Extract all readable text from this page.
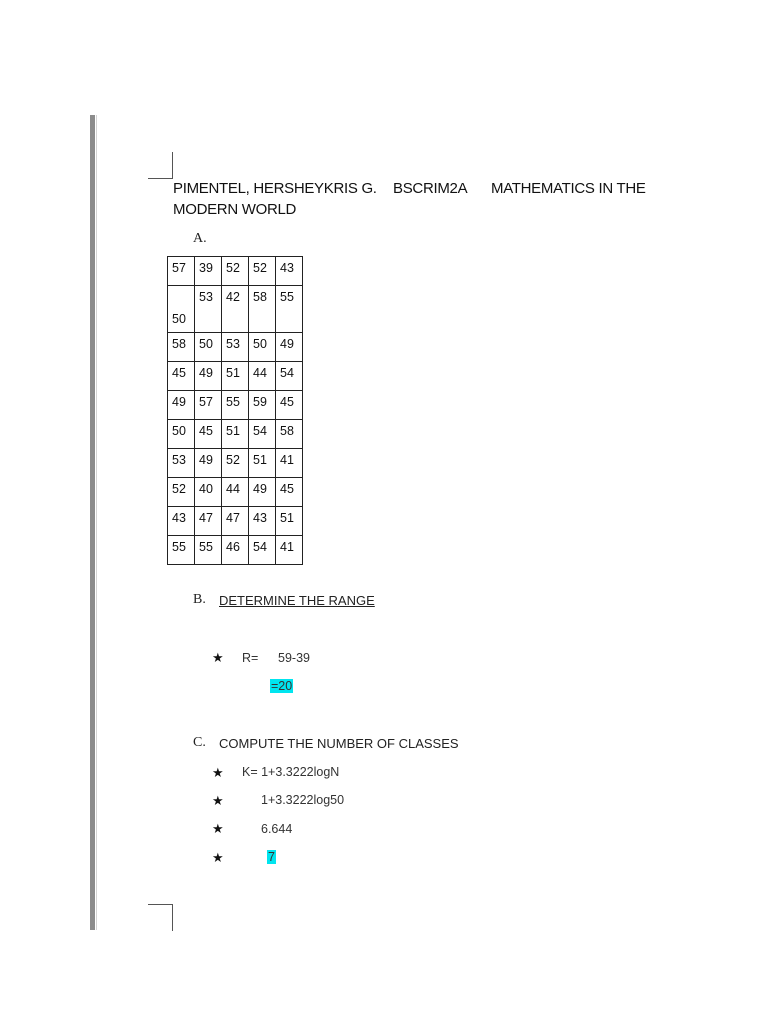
PIMENTEL, HERSHEYKRIS G. BSCRIM2A MATHEMATICS IN THE
MODERN WORLD
A.
57	39	52	52	43
50	53	42	58	55
58	50	53	50	49
45	49	51	44	54
49	57	55	59	45
50	45	51	54	58
53	49	52	51	41
52	40	44	49	45
43	47	47	43	51
55	55	46	54	41
B. DETERMINE THE RANGE
★ R= 59-39
=20
C. COMPUTE THE NUMBER OF CLASSES
★ K= 1+3.3222logN
★	1+3.3222log50
★	6.644
★	7
